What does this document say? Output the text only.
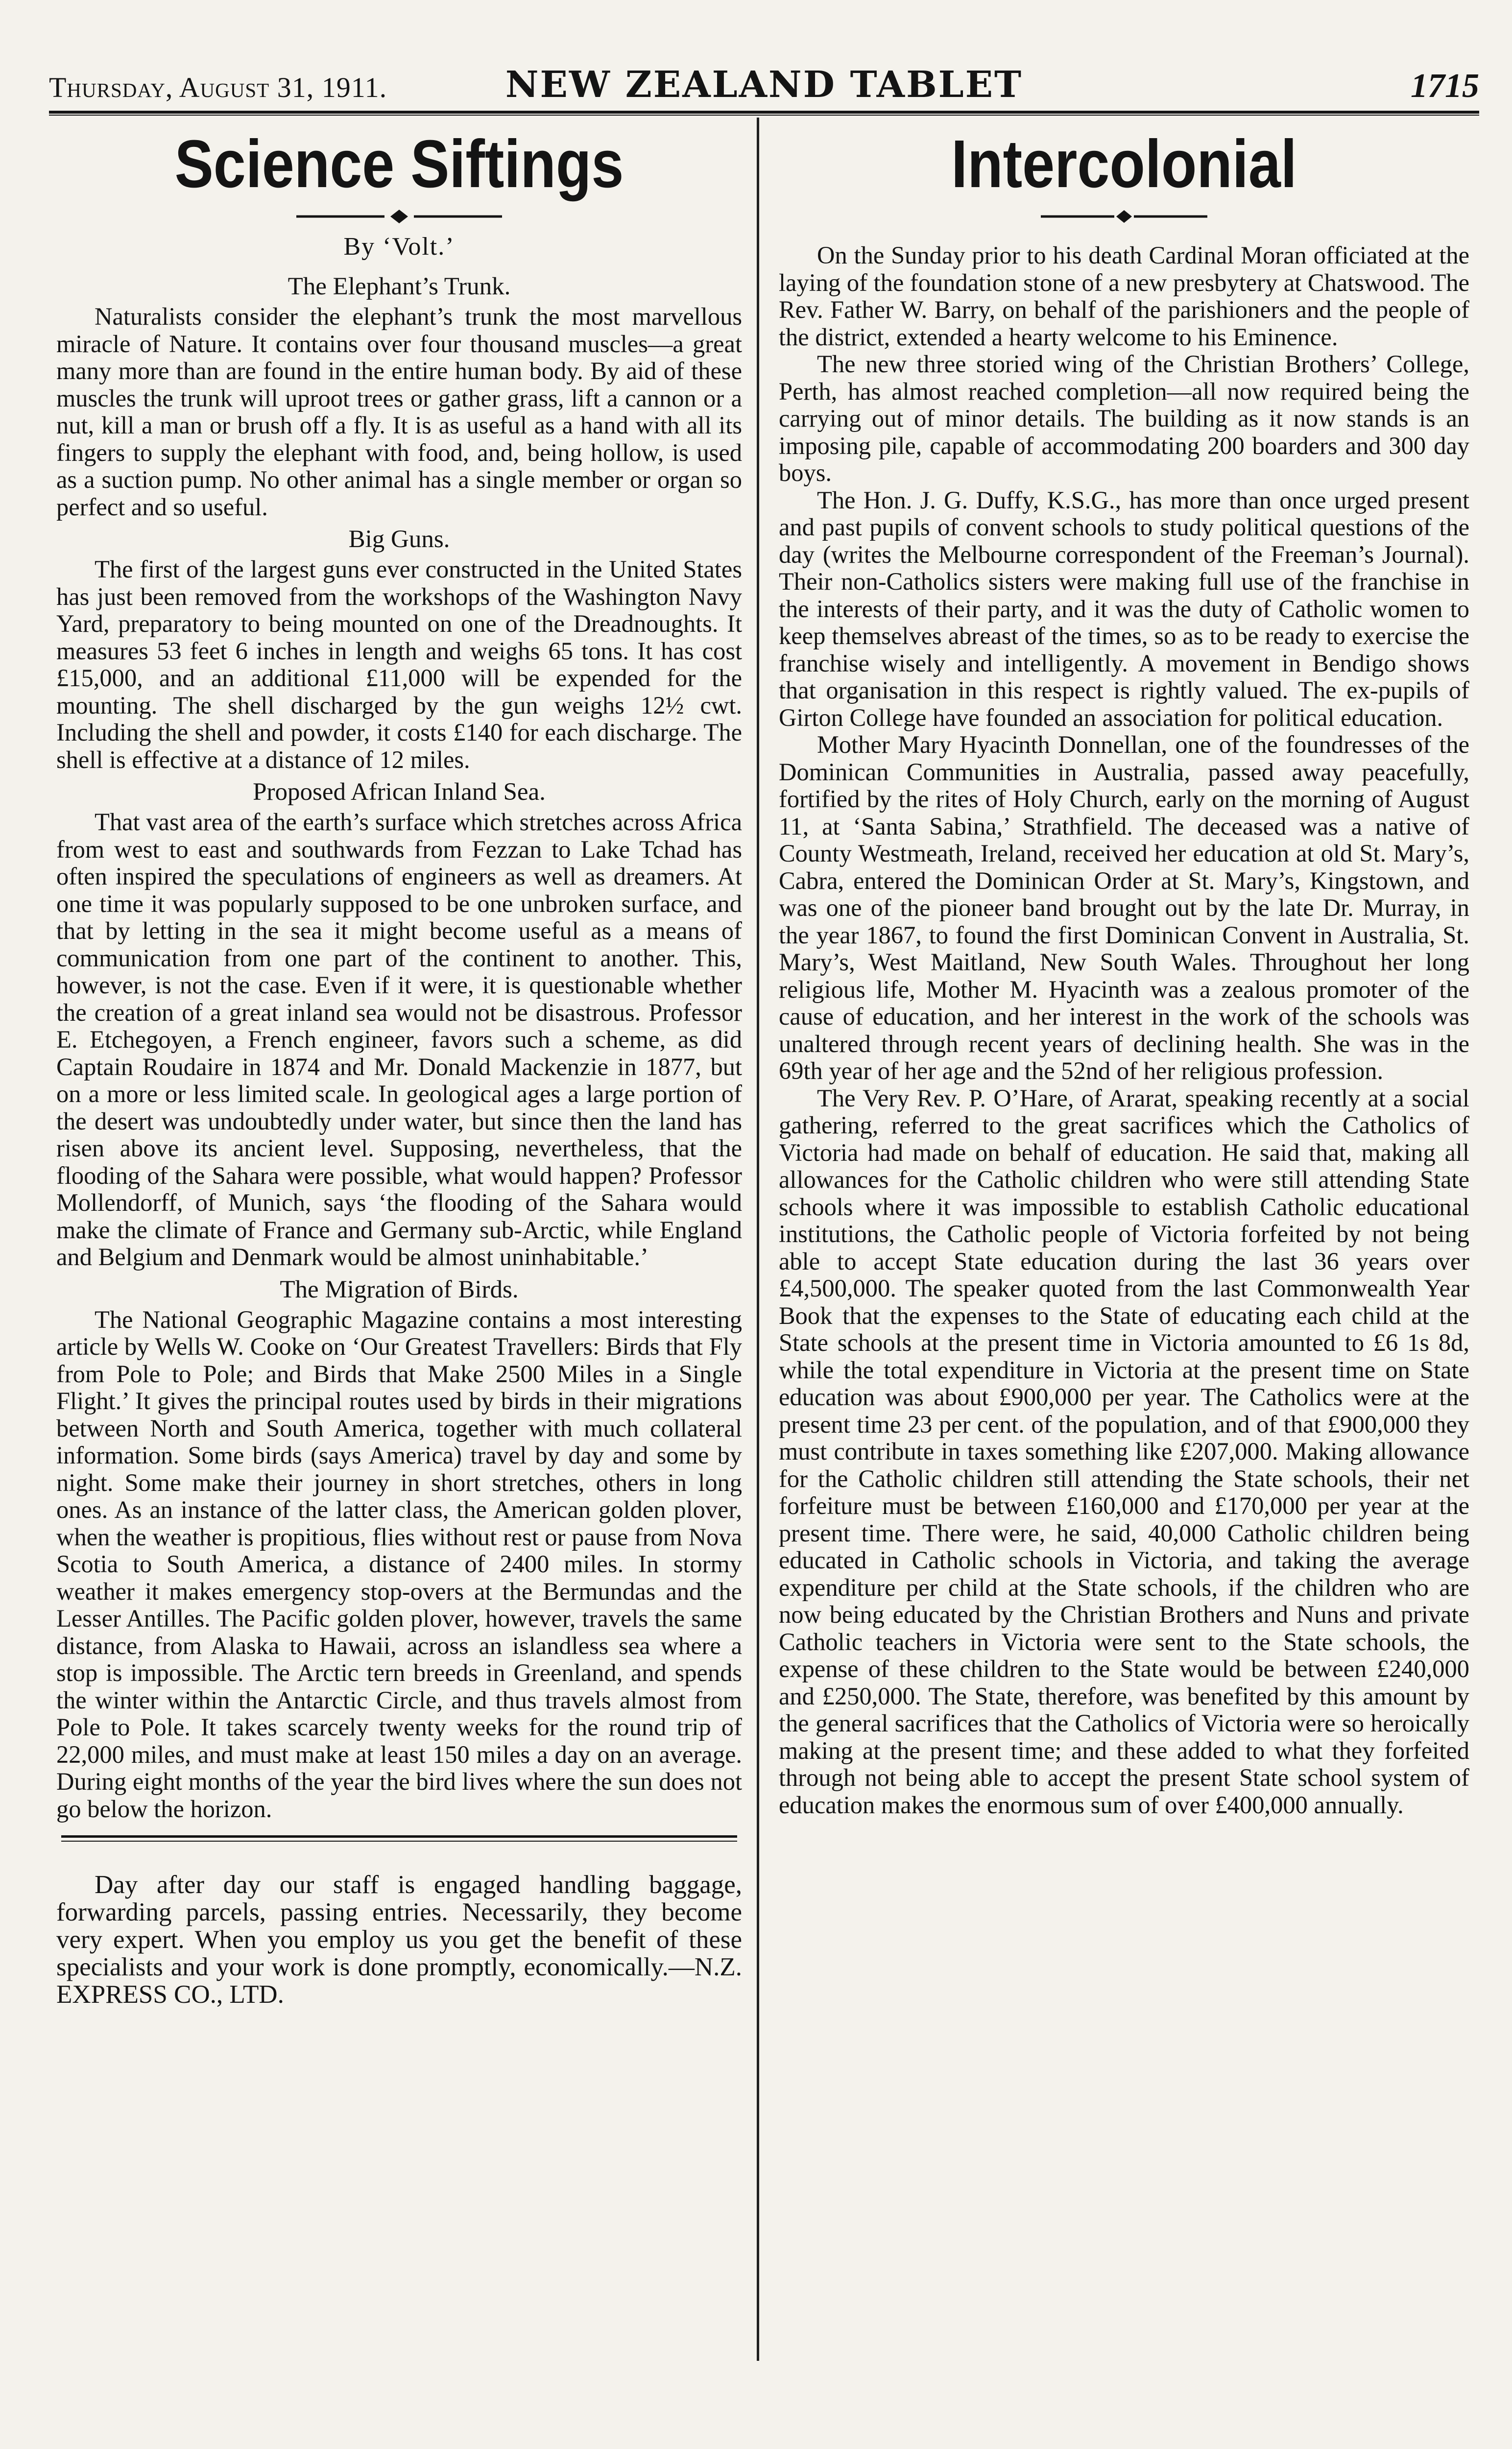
Thursday, August 31, 1911.	NEW ZEALAND TABLET	1715
Science Siftings
By ‘Volt.’
The Elephant’s Trunk.

Naturalists consider the elephant’s trunk the most marvellous miracle of Nature. It contains over four thousand muscles—a great many more than are found in the entire human body. By aid of these muscles the trunk will uproot trees or gather grass, lift a cannon or a nut, kill a man or brush off a fly. It is as useful as a hand with all its fingers to supply the elephant with food, and, being hollow, is used as a suction pump. No other animal has a single member or organ so perfect and so useful.

Big Guns.

The first of the largest guns ever constructed in the United States has just been removed from the workshops of the Washington Navy Yard, preparatory to being mounted on one of the Dreadnoughts. It measures 53 feet 6 inches in length and weighs 65 tons. It has cost £15,000, and an additional £11,000 will be expended for the mounting. The shell discharged by the gun weighs 12½ cwt. Including the shell and powder, it costs £140 for each discharge. The shell is effective at a distance of 12 miles.

Proposed African Inland Sea.

That vast area of the earth’s surface which stretches across Africa from west to east and southwards from Fezzan to Lake Tchad has often inspired the speculations of engineers as well as dreamers. At one time it was popularly supposed to be one unbroken surface, and that by letting in the sea it might become useful as a means of communication from one part of the continent to another. This, however, is not the case. Even if it were, it is questionable whether the creation of a great inland sea would not be disastrous. Professor E. Etchegoyen, a French engineer, favors such a scheme, as did Captain Roudaire in 1874 and Mr. Donald Mackenzie in 1877, but on a more or less limited scale. In geological ages a large portion of the desert was undoubtedly under water, but since then the land has risen above its ancient level. Supposing, nevertheless, that the flooding of the Sahara were possible, what would happen? Professor Mollendorff, of Munich, says ‘the flooding of the Sahara would make the climate of France and Germany sub-Arctic, while England and Belgium and Denmark would be almost uninhabitable.’

The Migration of Birds.

The National Geographic Magazine contains a most interesting article by Wells W. Cooke on ‘Our Greatest Travellers: Birds that Fly from Pole to Pole; and Birds that Make 2500 Miles in a Single Flight.’ It gives the principal routes used by birds in their migrations between North and South America, together with much collateral information. Some birds (says America) travel by day and some by night. Some make their journey in short stretches, others in long ones. As an instance of the latter class, the American golden plover, when the weather is propitious, flies without rest or pause from Nova Scotia to South America, a distance of 2400 miles. In stormy weather it makes emergency stop-overs at the Bermundas and the Lesser Antilles. The Pacific golden plover, however, travels the same distance, from Alaska to Hawaii, across an islandless sea where a stop is impossible. The Arctic tern breeds in Greenland, and spends the winter within the Antarctic Circle, and thus travels almost from Pole to Pole. It takes scarcely twenty weeks for the round trip of 22,000 miles, and must make at least 150 miles a day on an average. During eight months of the year the bird lives where the sun does not go below the horizon.

Day after day our staff is engaged handling baggage, forwarding parcels, passing entries. Necessarily, they become very expert. When you employ us you get the benefit of these specialists and your work is done promptly, economically.—N.Z. EXPRESS CO., LTD.

Intercolonial

On the Sunday prior to his death Cardinal Moran officiated at the laying of the foundation stone of a new presbytery at Chatswood. The Rev. Father W. Barry, on behalf of the parishioners and the people of the district, extended a hearty welcome to his Eminence.

The new three storied wing of the Christian Brothers’ College, Perth, has almost reached completion—all now required being the carrying out of minor details. The building as it now stands is an imposing pile, capable of accommodating 200 boarders and 300 day boys.

The Hon. J. G. Duffy, K.S.G., has more than once urged present and past pupils of convent schools to study political questions of the day (writes the Melbourne correspondent of the Freeman’s Journal). Their non-Catholics sisters were making full use of the franchise in the interests of their party, and it was the duty of Catholic women to keep themselves abreast of the times, so as to be ready to exercise the franchise wisely and intelligently. A movement in Bendigo shows that organisation in this respect is rightly valued. The ex-pupils of Girton College have founded an association for political education.

Mother Mary Hyacinth Donnellan, one of the foundresses of the Dominican Communities in Australia, passed away peacefully, fortified by the rites of Holy Church, early on the morning of August 11, at ‘Santa Sabina,’ Strathfield. The deceased was a native of County Westmeath, Ireland, received her education at old St. Mary’s, Cabra, entered the Dominican Order at St. Mary’s, Kingstown, and was one of the pioneer band brought out by the late Dr. Murray, in the year 1867, to found the first Dominican Convent in Australia, St. Mary’s, West Maitland, New South Wales. Throughout her long religious life, Mother M. Hyacinth was a zealous promoter of the cause of education, and her interest in the work of the schools was unaltered through recent years of declining health. She was in the 69th year of her age and the 52nd of her religious profession.

The Very Rev. P. O’Hare, of Ararat, speaking recently at a social gathering, referred to the great sacrifices which the Catholics of Victoria had made on behalf of education. He said that, making all allowances for the Catholic children who were still attending State schools where it was impossible to establish Catholic educational institutions, the Catholic people of Victoria forfeited by not being able to accept State education during the last 36 years over £4,500,000. The speaker quoted from the last Commonwealth Year Book that the expenses to the State of educating each child at the State schools at the present time in Victoria amounted to £6 1s 8d, while the total expenditure in Victoria at the present time on State education was about £900,000 per year. The Catholics were at the present time 23 per cent. of the population, and of that £900,000 they must contribute in taxes something like £207,000. Making allowance for the Catholic children still attending the State schools, their net forfeiture must be between £160,000 and £170,000 per year at the present time. There were, he said, 40,000 Catholic children being educated in Catholic schools in Victoria, and taking the average expenditure per child at the State schools, if the children who are now being educated by the Christian Brothers and Nuns and private Catholic teachers in Victoria were sent to the State schools, the expense of these children to the State would be between £240,000 and £250,000. The State, therefore, was benefited by this amount by the general sacrifices that the Catholics of Victoria were so heroically making at the present time; and these added to what they forfeited through not being able to accept the present State school system of education makes the enormous sum of over £400,000 annually.
